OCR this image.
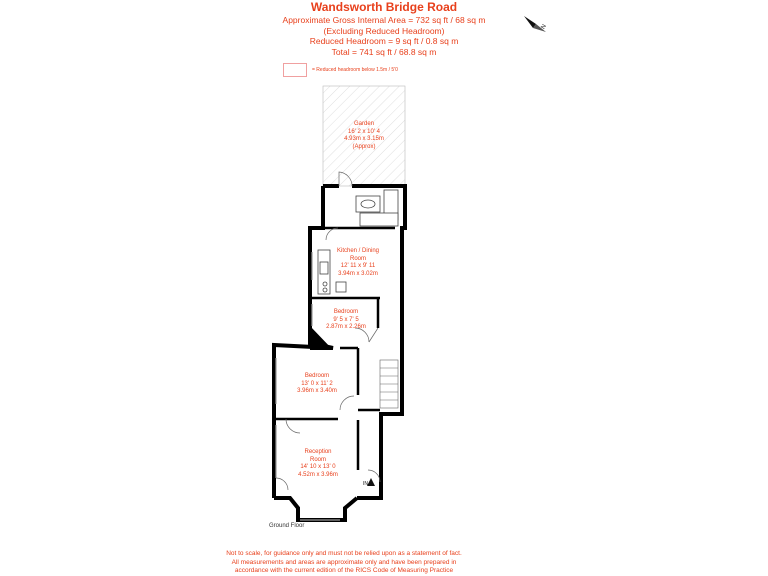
Wandsworth Bridge Road
Approximate Gross Internal Area = 732 sq ft / 68 sq m
(Excluding Reduced Headroom)
Reduced Headroom = 9 sq ft / 0.8 sq m
Total = 741 sq ft / 68.8 sq m
= Reduced headroom below 1.5m / 5'0
N
Garden
16' 2 x 10' 4
4.93m x 3.15m
(Approx)
Kitchen / Dining
Room
12' 11 x 9' 11
3.94m x 3.02m
Bedroom
9' 5 x 7' 5
2.87m x 2.26m
Bedroom
13' 0 x 11' 2
3.96m x 3.40m
Reception
Room
14' 10 x 13' 0
4.52m x 3.96m
IN
Ground Floor
Not to scale, for guidance only and must not be relied upon as a statement of fact.
All measurements and areas are approximate only and have been prepared in
accordance with the current edition of the RICS Code of Measuring Practice
